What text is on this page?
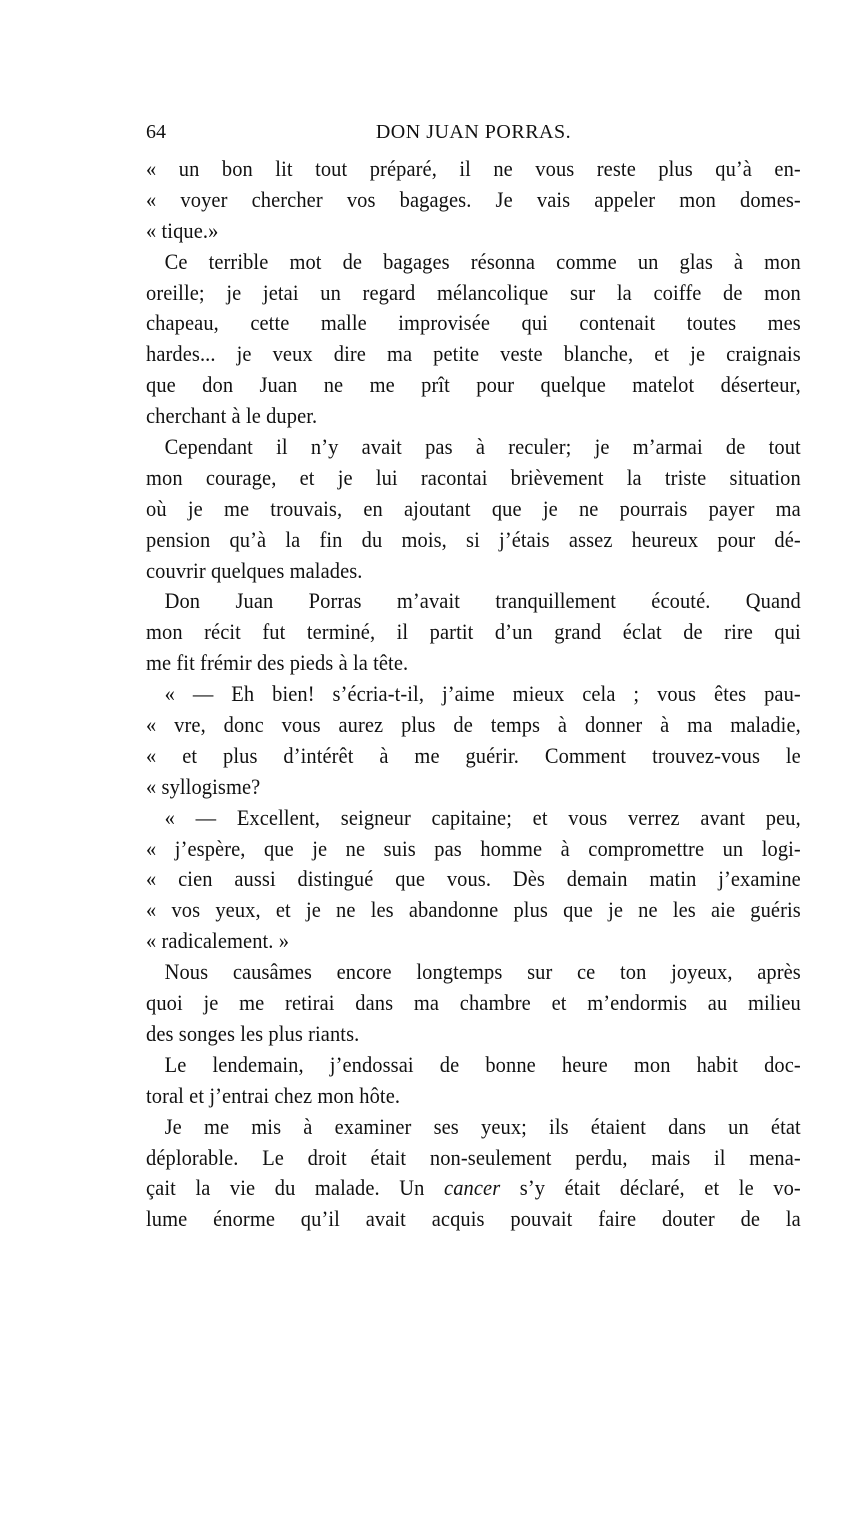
64	DON JUAN PORRAS.
« un bon lit tout préparé, il ne vous reste plus qu’à en-
« voyer chercher vos bagages. Je vais appeler mon domes-
« tique.»
Ce terrible mot de bagages résonna comme un glas à mon
oreille; je jetai un regard mélancolique sur la coiffe de mon
chapeau, cette malle improvisée qui contenait toutes mes
hardes... je veux dire ma petite veste blanche, et je craignais
que don Juan ne me prît pour quelque matelot déserteur,
cherchant à le duper.
Cependant il n’y avait pas à reculer; je m’armai de tout
mon courage, et je lui racontai brièvement la triste situation
où je me trouvais, en ajoutant que je ne pourrais payer ma
pension qu’à la fin du mois, si j’étais assez heureux pour dé-
couvrir quelques malades.
Don Juan Porras m’avait tranquillement écouté. Quand
mon récit fut terminé, il partit d’un grand éclat de rire qui
me fit frémir des pieds à la tête.
« — Eh bien! s’écria-t-il, j’aime mieux cela ; vous êtes pau-
« vre, donc vous aurez plus de temps à donner à ma maladie,
« et plus d’intérêt à me guérir. Comment trouvez-vous le
« syllogisme?
« — Excellent, seigneur capitaine; et vous verrez avant peu,
« j’espère, que je ne suis pas homme à compromettre un logi-
« cien aussi distingué que vous. Dès demain matin j’examine
« vos yeux, et je ne les abandonne plus que je ne les aie guéris
« radicalement. »
Nous causâmes encore longtemps sur ce ton joyeux, après
quoi je me retirai dans ma chambre et m’endormis au milieu
des songes les plus riants.
Le lendemain, j’endossai de bonne heure mon habit doc-
toral et j’entrai chez mon hôte.
Je me mis à examiner ses yeux; ils étaient dans un état
déplorable. Le droit était non-seulement perdu, mais il mena-
çait la vie du malade. Un cancer s’y était déclaré, et le vo-
lume énorme qu’il avait acquis pouvait faire douter de la
